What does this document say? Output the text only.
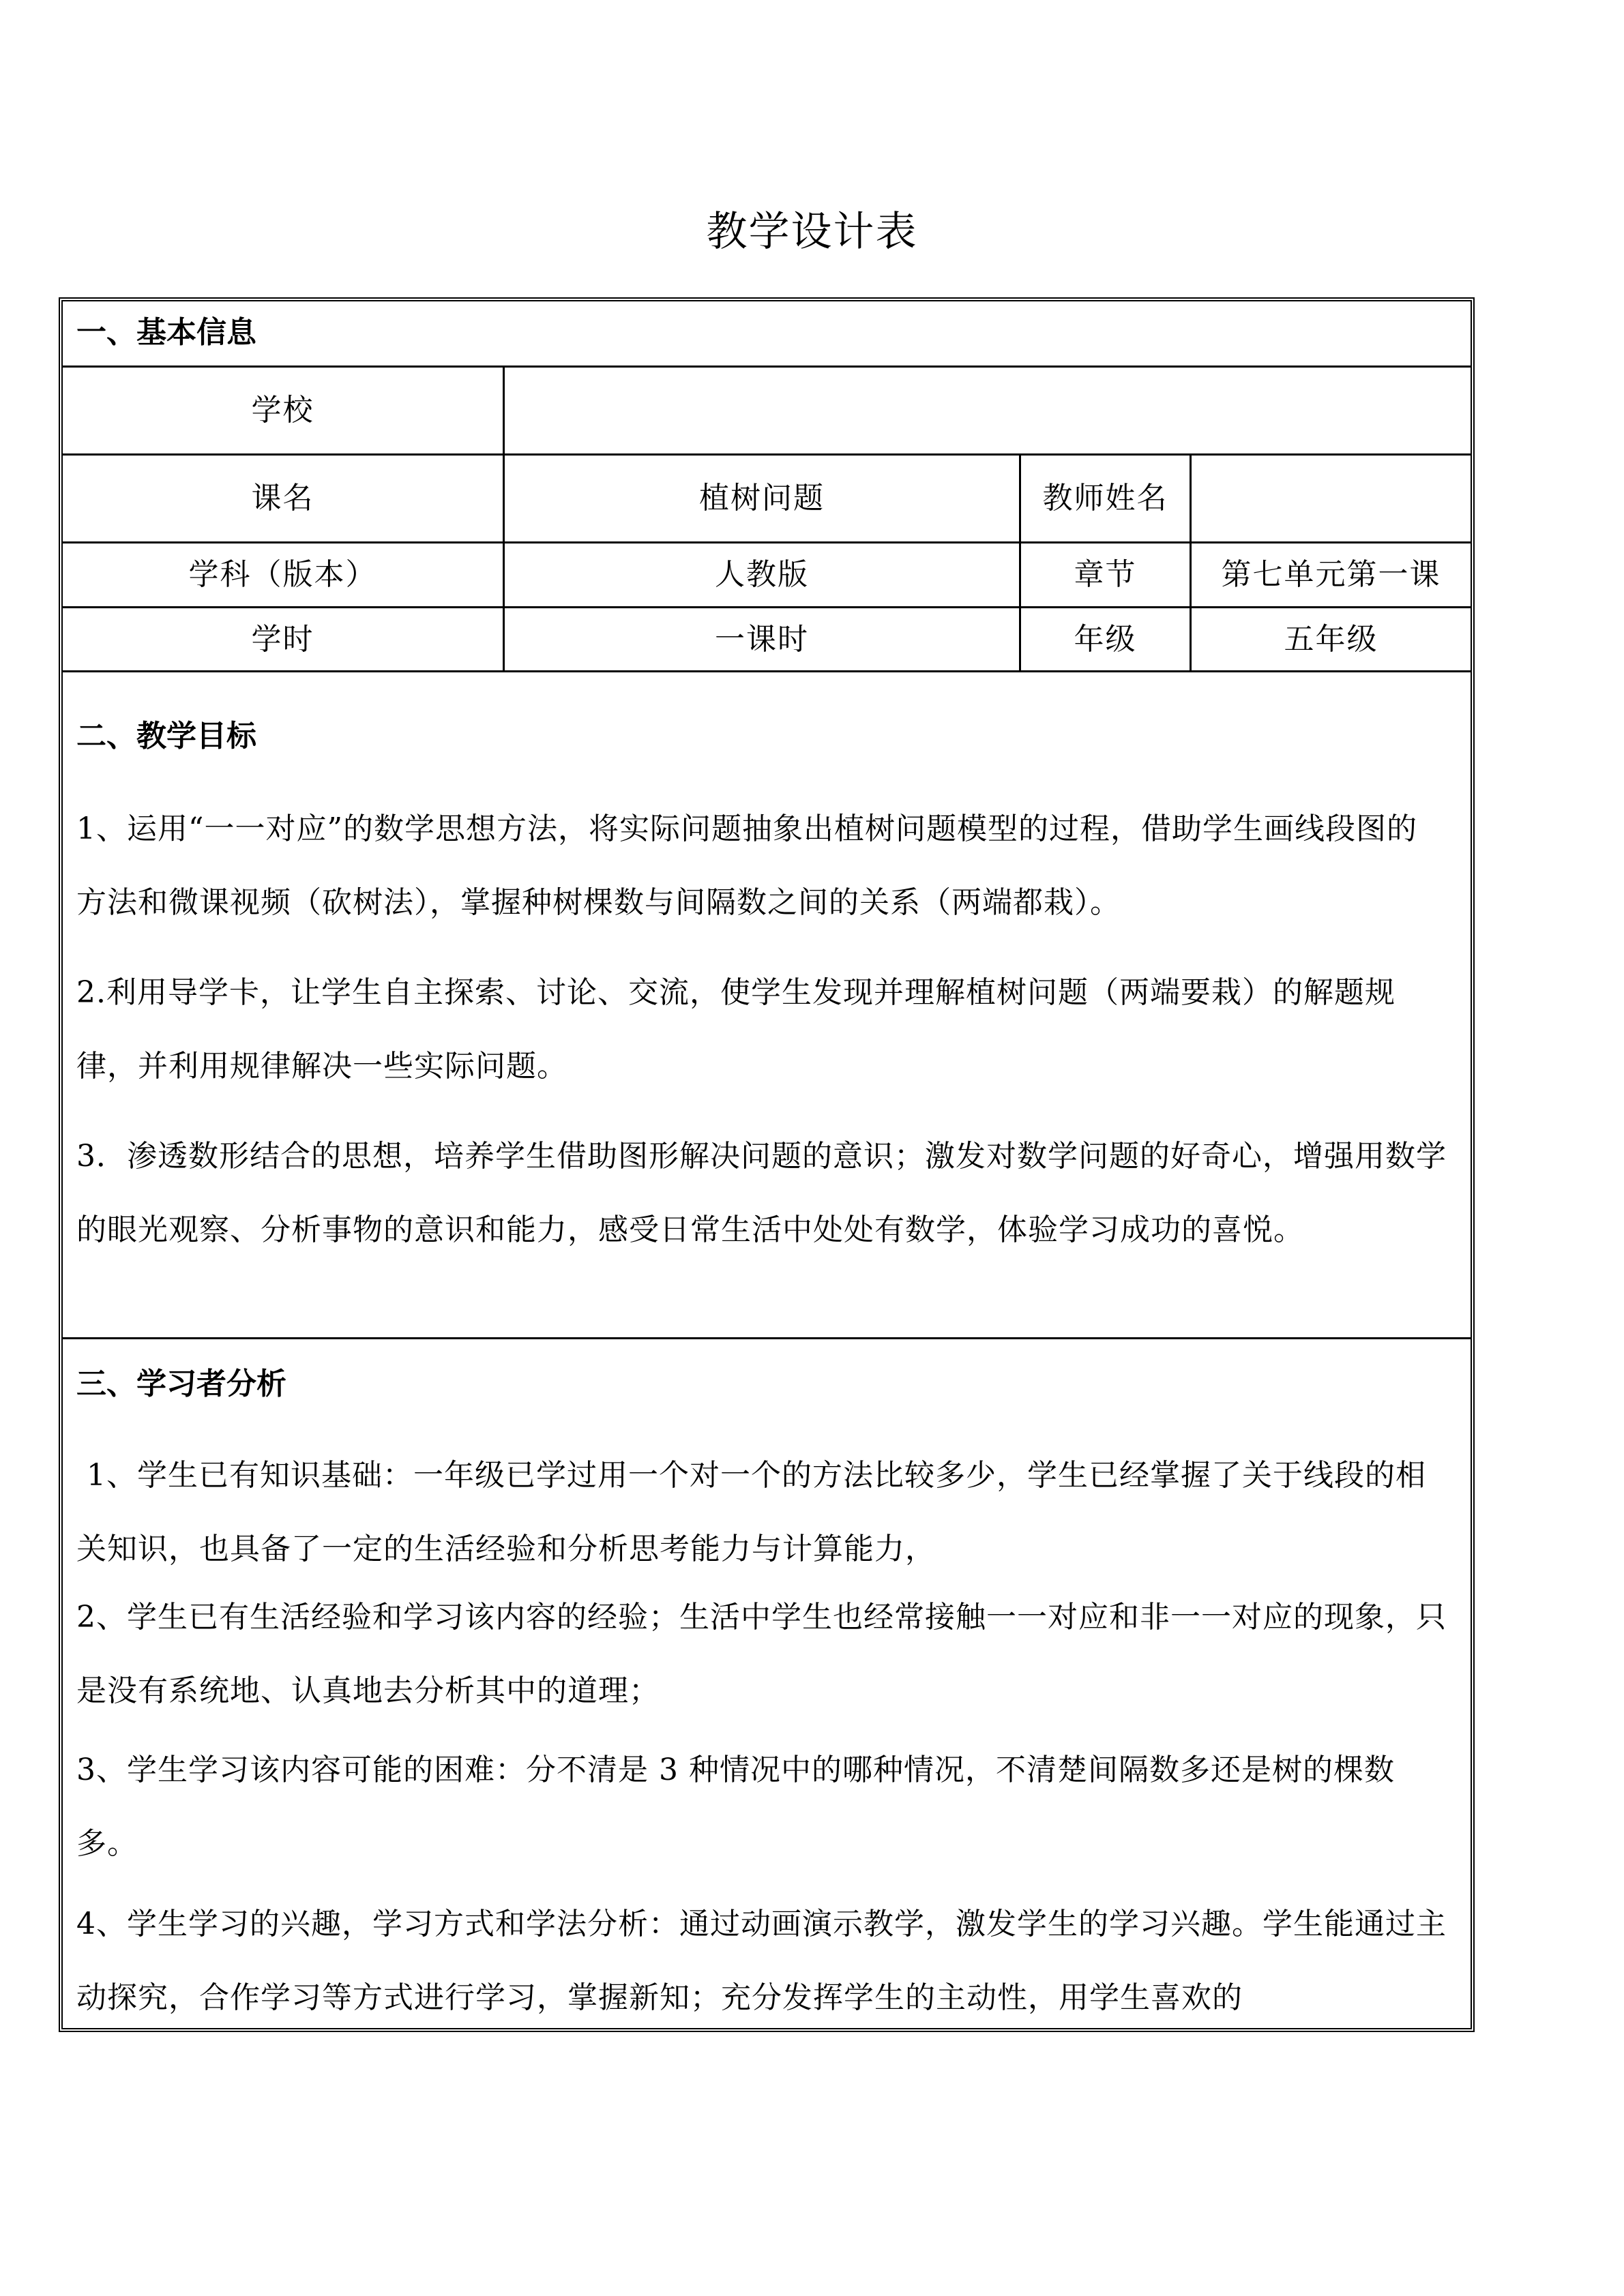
教学设计表
一、基本信息
学校
课名	植树问题	教师姓名
学科（版本）	人教版	章节	第七单元第一课
学时	一课时	年级	五年级
二、教学目标
1、运用“一一对应”的数学思想方法，将实际问题抽象出植树问题模型的过程，借助学生画线段图的方法和微课视频（砍树法），掌握种树棵数与间隔数之间的关系（两端都栽）。
2.利用导学卡，让学生自主探索、讨论、交流，使学生发现并理解植树问题（两端要栽）的解题规律，并利用规律解决一些实际问题。
3．渗透数形结合的思想，培养学生借助图形解决问题的意识；激发对数学问题的好奇心，增强用数学的眼光观察、分析事物的意识和能力，感受日常生活中处处有数学，体验学习成功的喜悦。
三、学习者分析
1、学生已有知识基础：一年级已学过用一个对一个的方法比较多少，学生已经掌握了关于线段的相关知识，也具备了一定的生活经验和分析思考能力与计算能力，
2、学生已有生活经验和学习该内容的经验；生活中学生也经常接触一一对应和非一一对应的现象，只是没有系统地、认真地去分析其中的道理；
3、学生学习该内容可能的困难：分不清是 3 种情况中的哪种情况，不清楚间隔数多还是树的棵数多。
4、学生学习的兴趣，学习方式和学法分析：通过动画演示教学，激发学生的学习兴趣。学生能通过主动探究，合作学习等方式进行学习，掌握新知；充分发挥学生的主动性，用学生喜欢的
